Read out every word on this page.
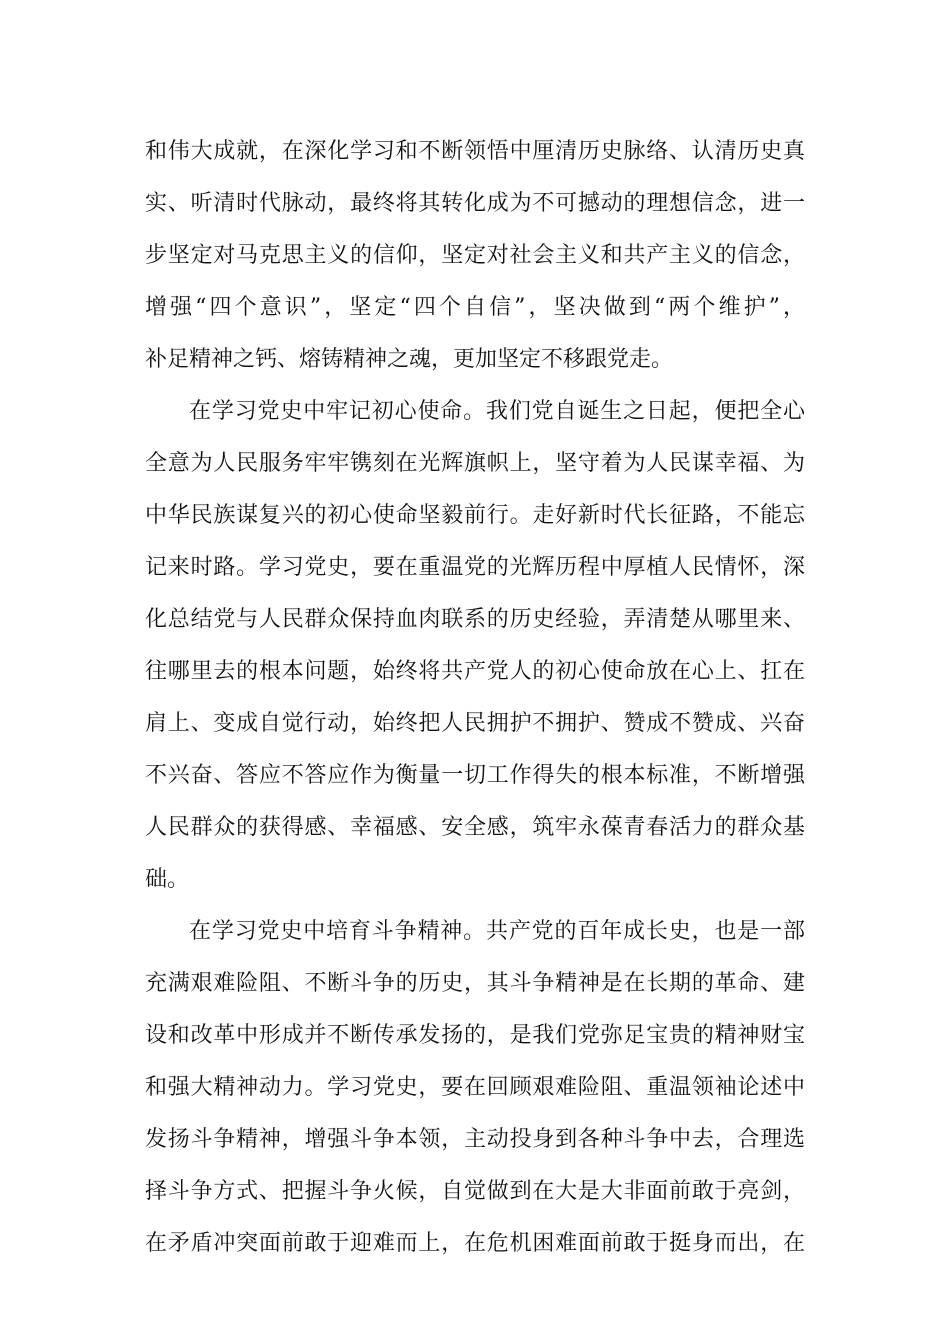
和伟大成就，在深化学习和不断领悟中厘清历史脉络、认清历史真
实、听清时代脉动，最终将其转化成为不可撼动的理想信念，进一
步坚定对马克思主义的信仰，坚定对社会主义和共产主义的信念，
增强“四个意识”，坚定“四个自信”，坚决做到“两个维护”，
补足精神之钙、熔铸精神之魂，更加坚定不移跟党走。
在学习党史中牢记初心使命。我们党自诞生之日起，便把全心
全意为人民服务牢牢镌刻在光辉旗帜上，坚守着为人民谋幸福、为
中华民族谋复兴的初心使命坚毅前行。走好新时代长征路，不能忘
记来时路。学习党史，要在重温党的光辉历程中厚植人民情怀，深
化总结党与人民群众保持血肉联系的历史经验，弄清楚从哪里来、
往哪里去的根本问题，始终将共产党人的初心使命放在心上、扛在
肩上、变成自觉行动，始终把人民拥护不拥护、赞成不赞成、兴奋
不兴奋、答应不答应作为衡量一切工作得失的根本标准，不断增强
人民群众的获得感、幸福感、安全感，筑牢永葆青春活力的群众基
础。
在学习党史中培育斗争精神。共产党的百年成长史，也是一部
充满艰难险阻、不断斗争的历史，其斗争精神是在长期的革命、建
设和改革中形成并不断传承发扬的，是我们党弥足宝贵的精神财宝
和强大精神动力。学习党史，要在回顾艰难险阻、重温领袖论述中
发扬斗争精神，增强斗争本领，主动投身到各种斗争中去，合理选
择斗争方式、把握斗争火候，自觉做到在大是大非面前敢于亮剑，
在矛盾冲突面前敢于迎难而上，在危机困难面前敢于挺身而出，在
